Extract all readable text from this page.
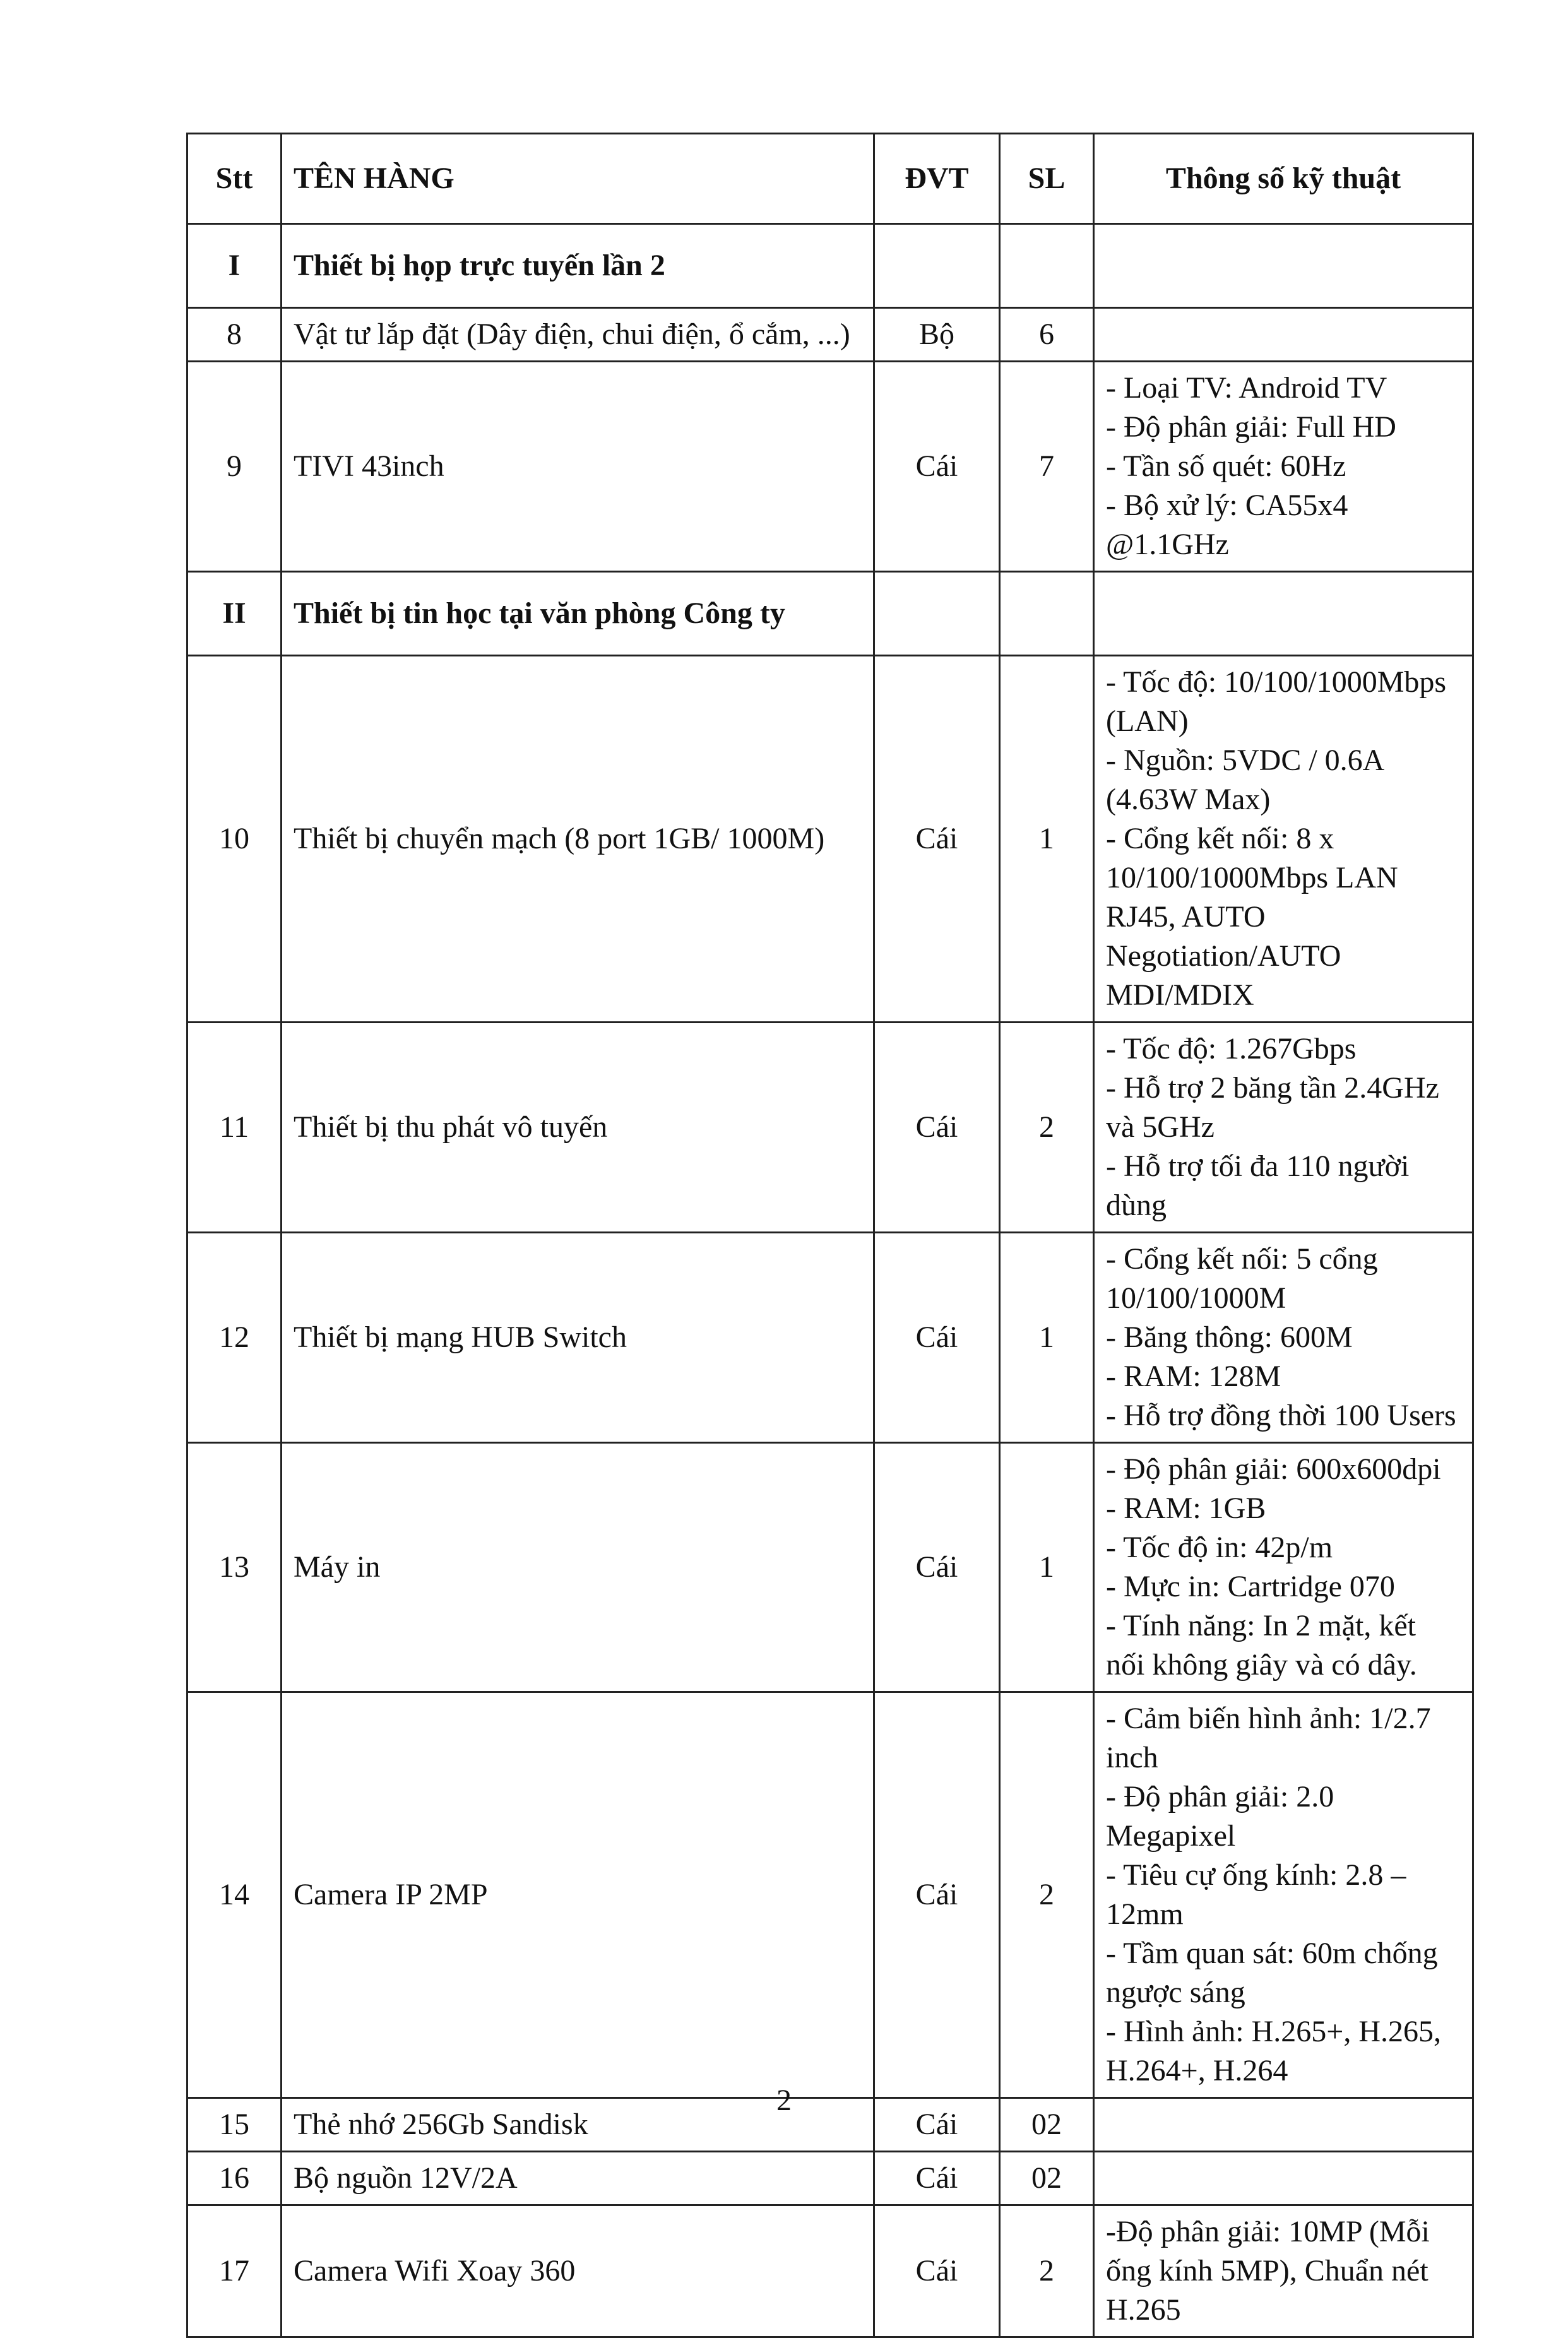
Stt	TÊN HÀNG	ĐVT	SL	Thông số kỹ thuật
I	Thiết bị họp trực tuyến lần 2			
8	Vật tư lắp đặt (Dây điện, chui điện, ổ cắm, ...)	Bộ	6	
9	TIVI 43inch	Cái	7	- Loại TV: Android TV
- Độ phân giải: Full HD
- Tần số quét: 60Hz
- Bộ xử lý: CA55x4 @1.1GHz

II	Thiết bị tin học tại văn phòng Công ty			
10	Thiết bị chuyển mạch (8 port 1GB/ 1000M)	Cái	1	- Tốc độ: 10/100/1000Mbps (LAN)
- Nguồn: 5VDC / 0.6A (4.63W Max)
- Cổng kết nối: 8 x 10/100/1000Mbps LAN RJ45, AUTO Negotiation/AUTO MDI/MDIX

11	Thiết bị thu phát vô tuyến	Cái	2	- Tốc độ: 1.267Gbps
- Hỗ trợ 2 băng tần 2.4GHz và 5GHz
- Hỗ trợ tối đa 110 người dùng

12	Thiết bị mạng HUB Switch	Cái	1	- Cổng kết nối: 5 cổng 10/100/1000M
- Băng thông: 600M
- RAM: 128M
- Hỗ trợ đồng thời 100 Users

13	Máy in	Cái	1	- Độ phân giải: 600x600dpi
- RAM: 1GB
- Tốc độ in: 42p/m
- Mực in: Cartridge 070
- Tính năng: In 2 mặt, kết nối không giây và có dây.

14	Camera IP 2MP	Cái	2	- Cảm biến hình ảnh: 1/2.7 inch
- Độ phân giải: 2.0 Megapixel
- Tiêu cự ống kính: 2.8 – 12mm
- Tầm quan sát: 60m chống ngược sáng
- Hình ảnh: H.265+, H.265, H.264+, H.264

15	Thẻ nhớ 256Gb Sandisk	Cái	02	
16	Bộ nguồn 12V/2A	Cái	02	
17	Camera Wifi Xoay 360	Cái	2	-Độ phân giải: 10MP (Mỗi ống kính 5MP), Chuẩn nét H.265
2
